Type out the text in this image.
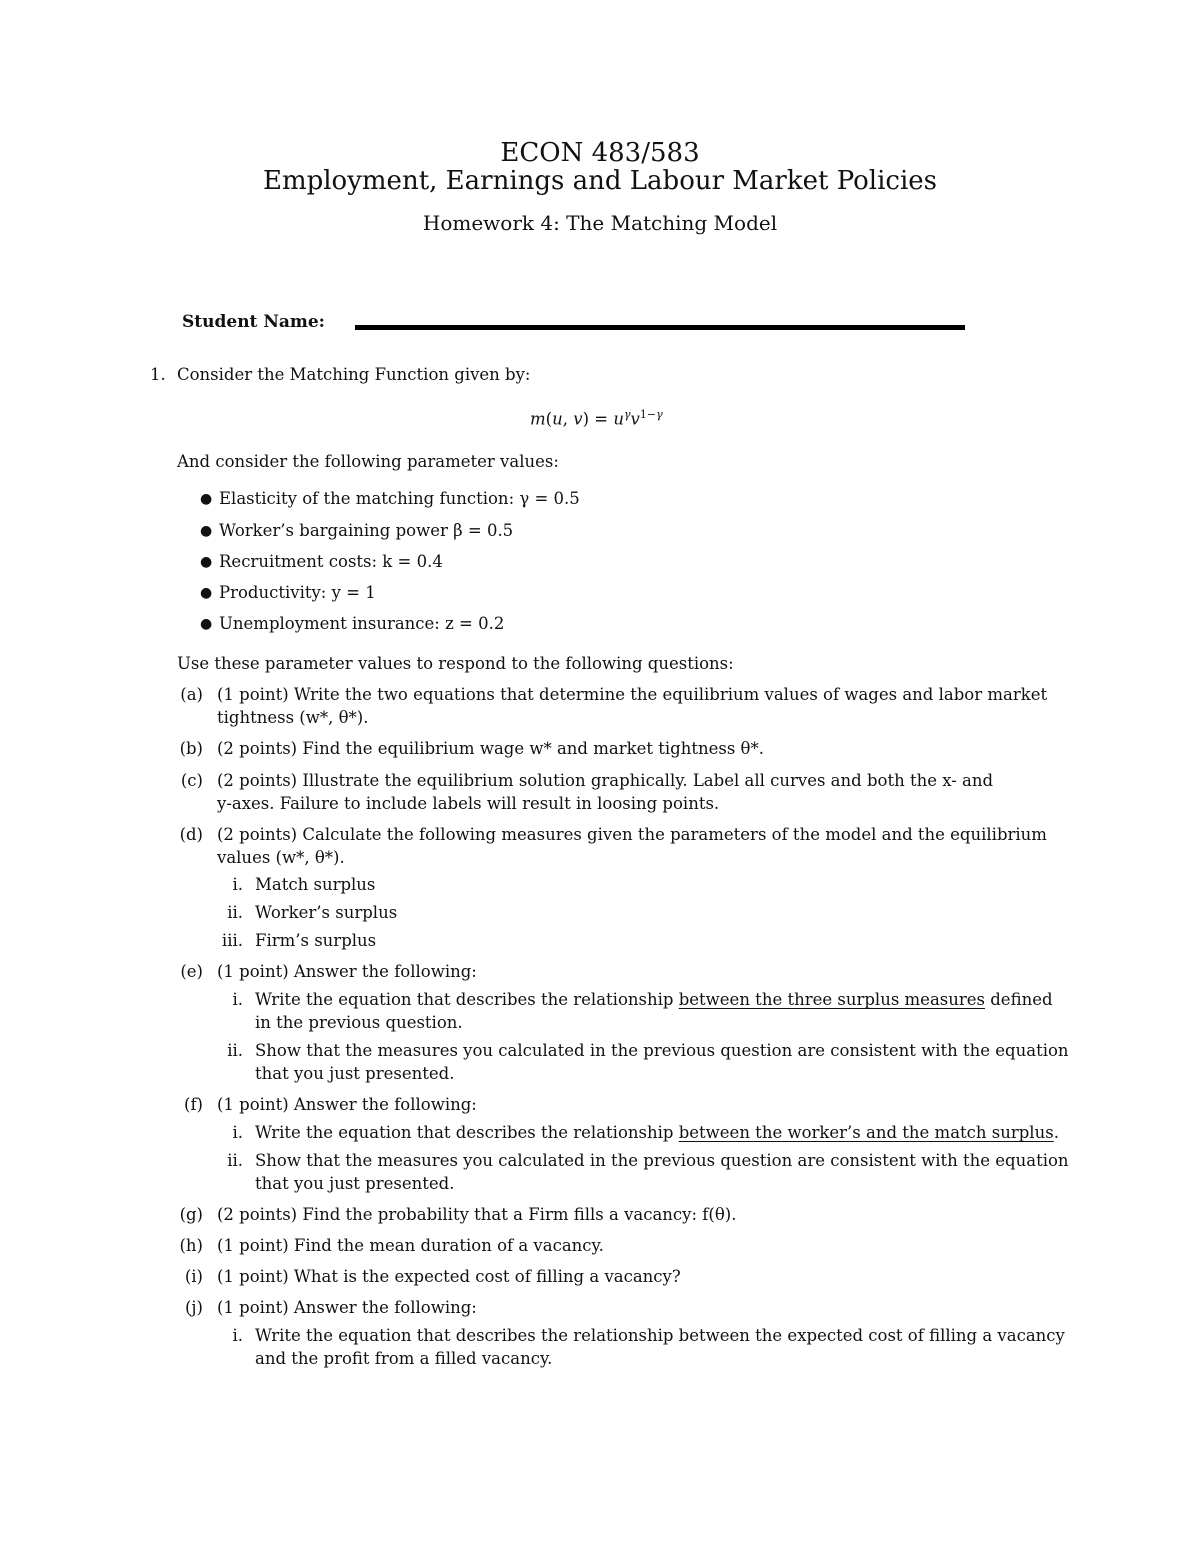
ECON 483/583
Employment, Earnings and Labour Market Policies
Homework 4: The Matching Model
Student Name:
1. Consider the Matching Function given by:
m(u, $v) = u^\gamma v^{1-\gamma}$
And consider the following parameter values:
● Elasticity of the matching function: γ = 0.5
● Worker’s bargaining power β = 0.5
● Recruitment costs: k = 0.4
● Productivity: y = 1
● Unemployment insurance: z = 0.2
Use these parameter values to respond to the following questions:
(a) (1 point) Write the two equations that determine the equilibrium values of wages and labor market
tightness (w*, θ*).
(b) (2 points) Find the equilibrium wage w* and market tightness θ*.
(c) (2 points) Illustrate the equilibrium solution graphically. Label all curves and both the x- and
y-axes. Failure to include labels will result in loosing points.
(d) (2 points) Calculate the following measures given the parameters of the model and the equilibrium
values (w*, θ*).
i. Match surplus
ii. Worker’s surplus
iii. Firm’s surplus
(e) (1 point) Answer the following:
i. Write the equation that describes the relationship between the three surplus measures defined
in the previous question.
ii. Show that the measures you calculated in the previous question are consistent with the equation
that you just presented.
(f) (1 point) Answer the following:
i. Write the equation that describes the relationship between the worker’s and the match surplus.
ii. Show that the measures you calculated in the previous question are consistent with the equation
that you just presented.
(g) (2 points) Find the probability that a Firm fills a vacancy: f(θ).
(h) (1 point) Find the mean duration of a vacancy.
(i) (1 point) What is the expected cost of filling a vacancy?
(j) (1 point) Answer the following:
i. Write the equation that describes the relationship between the expected cost of filling a vacancy
and the profit from a filled vacancy.
